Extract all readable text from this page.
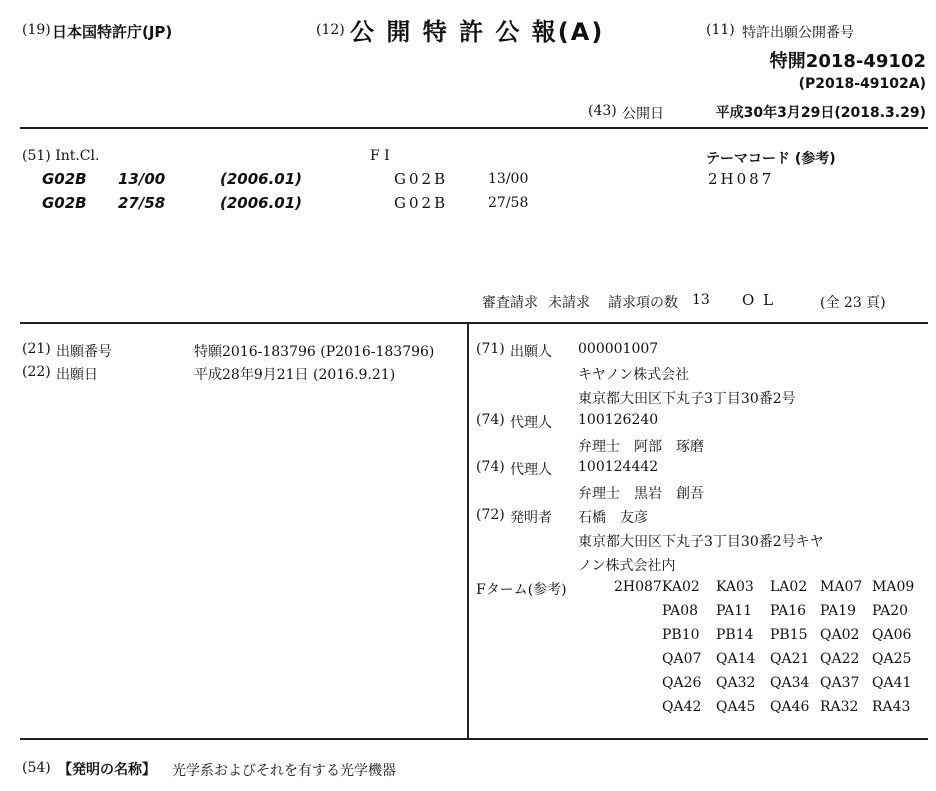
(19) 日本国特許庁(JP)	(12) 公 開 特 許 公 報(A)	(11) 特許出願公開番号
特開2018-49102
(P2018-49102A)
(43) 公開日	平成30年3月29日(2018.3.29)
(51) Int.Cl.	F I	テーマコード (参考)
G02B 13/00	(2006.01)	G02B	13/00	2H087
G02B 27/58	(2006.01)	G02B	27/58
審査請求 未請求 請求項の数 13 O L	(全 23 頁)
(21) 出願番号	特願2016-183796 (P2016-183796)
(22) 出願日	平成28年9月21日 (2016.9.21)
(71) 出願人 000001007
キヤノン株式会社
東京都大田区下丸子3丁目30番2号
(74) 代理人 100126240
弁理士　阿部　琢磨
(74) 代理人 100124442
弁理士　黒岩　創吾
(72) 発明者 石橋　友彦
東京都大田区下丸子3丁目30番2号キヤ
ノン株式会社内
Fターム(参考)	2H087 KA02 KA03 LA02 MA07 MA09
PA08 PA11 PA16 PA19 PA20
PB10 PB14 PB15 QA02 QA06
QA07 QA14 QA21 QA22 QA25
QA26 QA32 QA34 QA37 QA41
QA42 QA45 QA46 RA32 RA43
(54) 【発明の名称】 光学系およびそれを有する光学機器
